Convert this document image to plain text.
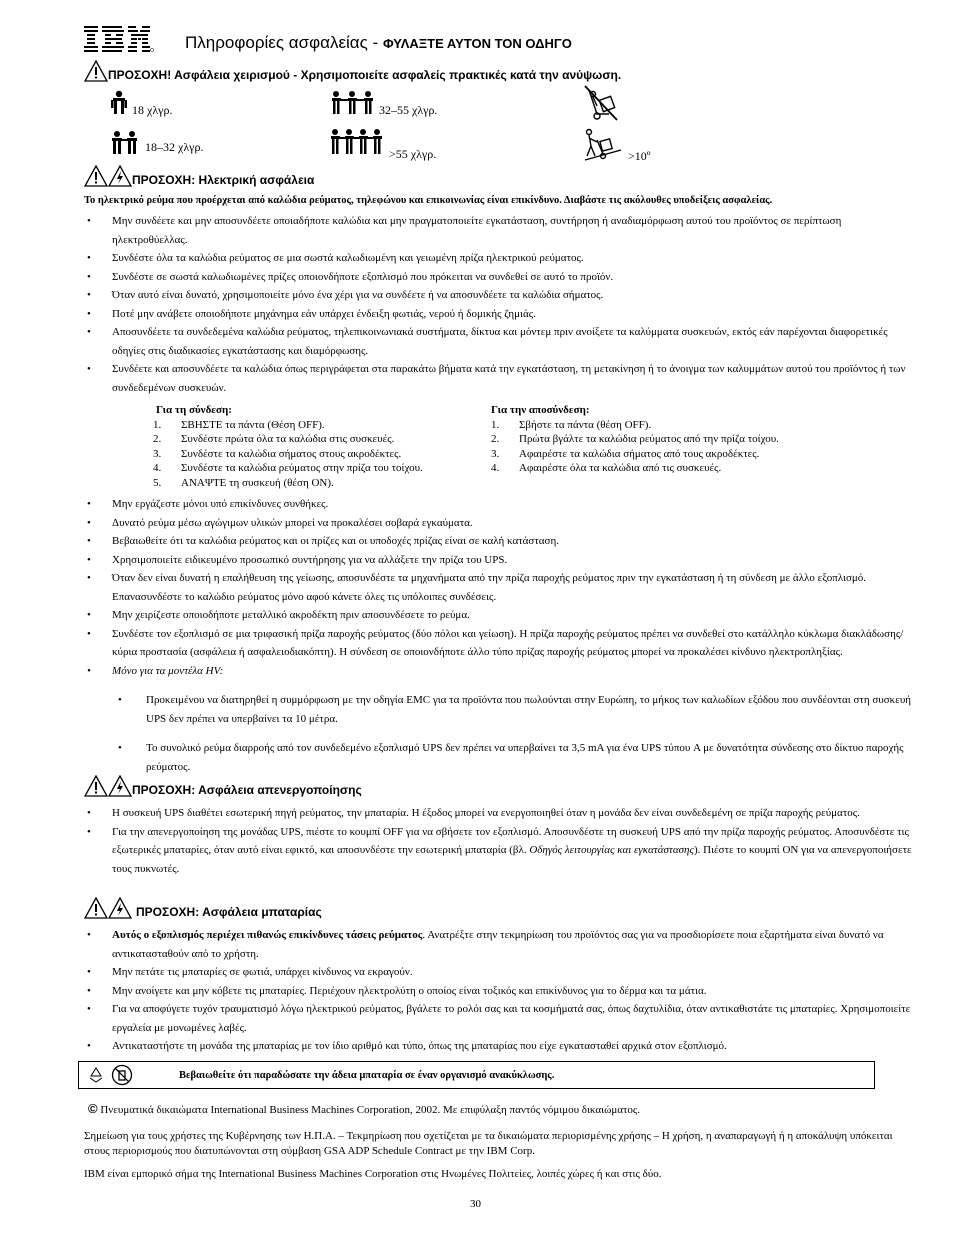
Πληροφορίες ασφαλείας - ΦΥΛΑΞΤΕ ΑΥΤΟΝ ΤΟΝ ΟΔΗΓΟ
ΠΡΟΣΟΧΗ! Ασφάλεια χειρισμού - Χρησιμοποιείτε ασφαλείς πρακτικές κατά την ανύψωση.
18 χλγρ.
18–32 χλγρ.
32–55 χλγρ.
>55 χλγρ.	>10º
ΠΡΟΣΟΧΗ: Ηλεκτρική ασφάλεια
Το ηλεκτρικό ρεύμα που προέρχεται από καλώδια ρεύματος, τηλεφώνου και επικοινωνίας είναι επικίνδυνο. Διαβάστε τις ακόλουθες υποδείξεις ασφαλείας.

• Μην συνδέετε και μην αποσυνδέετε οποιαδήποτε καλώδια και μην πραγματοποιείτε εγκατάσταση, συντήρηση ή αναδιαμόρφωση αυτού του προϊόντος σε περίπτωση ηλεκτροθύελλας.

• Συνδέστε όλα τα καλώδια ρεύματος σε μια σωστά καλωδιωμένη και γειωμένη πρίζα ηλεκτρικού ρεύματος.

• Συνδέστε σε σωστά καλωδιωμένες πρίζες οποιονδήποτε εξοπλισμό που πρόκειται να συνδεθεί σε αυτό το προϊόν.

• Όταν αυτό είναι δυνατό, χρησιμοποιείτε μόνο ένα χέρι για να συνδέετε ή να αποσυνδέετε τα καλώδια σήματος.

• Ποτέ μην ανάβετε οποιοδήποτε μηχάνημα εάν υπάρχει ένδειξη φωτιάς, νερού ή δομικής ζημιάς.

• Αποσυνδέετε τα συνδεδεμένα καλώδια ρεύματος, τηλεπικοινωνιακά συστήματα, δίκτυα και μόντεμ πριν ανοίξετε τα καλύμματα συσκευών, εκτός εάν παρέχονται διαφορετικές οδηγίες στις διαδικασίες εγκατάστασης και διαμόρφωσης.

• Συνδέετε και αποσυνδέετε τα καλώδια όπως περιγράφεται στα παρακάτω βήματα κατά την εγκατάσταση, τη μετακίνηση ή το άνοιγμα των καλυμμάτων αυτού του προϊόντος ή των συνδεδεμένων συσκευών.

Για τη σύνδεση:
1.	ΣΒΗΣΤΕ τα πάντα (Θέση OFF).
2.	Συνδέστε πρώτα όλα τα καλώδια στις συσκευές.
3.	Συνδέστε τα καλώδια σήματος στους ακροδέκτες.
4.	Συνδέστε τα καλώδια ρεύματος στην πρίζα του τοίχου.
5.	ΑΝΑΨΤΕ τη συσκευή (θέση ON).
Για την αποσύνδεση:
1.	Σβήστε τα πάντα (θέση OFF).
2.	Πρώτα βγάλτε τα καλώδια ρεύματος από την πρίζα τοίχου.
3.	Αφαιρέστε τα καλώδια σήματος από τους ακροδέκτες.
4.	Αφαιρέστε όλα τα καλώδια από τις συσκευές.

• Μην εργάζεστε μόνοι υπό επικίνδυνες συνθήκες.

• Δυνατό ρεύμα μέσω αγώγιμων υλικών μπορεί να προκαλέσει σοβαρά εγκαύματα.

• Βεβαιωθείτε ότι τα καλώδια ρεύματος και οι πρίζες και οι υποδοχές πρίζας είναι σε καλή κατάσταση.

• Χρησιμοποιείτε ειδικευμένο προσωπικό συντήρησης για να αλλάξετε την πρίζα του UPS.

• Όταν δεν είναι δυνατή η επαλήθευση της γείωσης, αποσυνδέστε τα μηχανήματα από την πρίζα παροχής ρεύματος πριν την εγκατάσταση ή τη σύνδεση με άλλο εξοπλισμό. Επανασυνδέστε το καλώδιο ρεύματος μόνο αφού κάνετε όλες τις υπόλοιπες συνδέσεις.

• Μην χειρίζεστε οποιοδήποτε μεταλλικό ακροδέκτη πριν αποσυνδέσετε το ρεύμα.

• Συνδέστε τον εξοπλισμό σε μια τριφασική πρίζα παροχής ρεύματος (δύο πόλοι και γείωση). Η πρίζα παροχής ρεύματος πρέπει να συνδεθεί στο κατάλληλο κύκλωμα διακλάδωσης/κύρια προστασία (ασφάλεια ή ασφαλειοδιακόπτη). Η σύνδεση σε οποιονδήποτε άλλο τύπο πρίζας παροχής ρεύματος μπορεί να προκαλέσει κίνδυνο ηλεκτροπληξίας.

• Μόνο για τα μοντέλα HV:

• Προκειμένου να διατηρηθεί η συμμόρφωση με την οδηγία EMC για τα προϊόντα που πωλούνται στην Ευρώπη, το μήκος των καλωδίων εξόδου που συνδέονται στη συσκευή UPS δεν πρέπει να υπερβαίνει τα 10 μέτρα.

• Το συνολικό ρεύμα διαρροής από τον συνδεδεμένο εξοπλισμό UPS δεν πρέπει να υπερβαίνει τα 3,5 mA για ένα UPS τύπου A με δυνατότητα σύνδεσης στο δίκτυο παροχής ρεύματος.

ΠΡΟΣΟΧΗ: Ασφάλεια απενεργοποίησης

• Η συσκευή UPS διαθέτει εσωτερική πηγή ρεύματος, την μπαταρία. Η έξοδος μπορεί να ενεργοποιηθεί όταν η μονάδα δεν είναι συνδεδεμένη σε πρίζα παροχής ρεύματος.

• Για την απενεργοποίηση της μονάδας UPS, πιέστε το κουμπί OFF για να σβήσετε τον εξοπλισμό. Αποσυνδέστε τη συσκευή UPS από την πρίζα παροχής ρεύματος. Αποσυνδέστε τις εξωτερικές μπαταρίες, όταν αυτό είναι εφικτό, και αποσυνδέστε την εσωτερική μπαταρία (βλ. Οδηγός λειτουργίας και εγκατάστασης). Πιέστε το κουμπί ON για να απενεργοποιήσετε τους πυκνωτές.

ΠΡΟΣΟΧΗ: Ασφάλεια μπαταρίας

• Αυτός ο εξοπλισμός περιέχει πιθανώς επικίνδυνες τάσεις ρεύματος. Ανατρέξτε στην τεκμηρίωση του προϊόντος σας για να προσδιορίσετε ποια εξαρτήματα είναι δυνατό να αντικατασταθούν από το χρήστη.

• Μην πετάτε τις μπαταρίες σε φωτιά, υπάρχει κίνδυνος να εκραγούν.

• Μην ανοίγετε και μην κόβετε τις μπαταρίες. Περιέχουν ηλεκτρολύτη ο οποίος είναι τοξικός και επικίνδυνος για το δέρμα και τα μάτια.

• Για να αποφύγετε τυχόν τραυματισμό λόγω ηλεκτρικού ρεύματος, βγάλετε το ρολόι σας και τα κοσμήματά σας, όπως δαχτυλίδια, όταν αντικαθιστάτε τις μπαταρίες. Χρησιμοποιείτε εργαλεία με μονωμένες λαβές.

• Αντικαταστήστε τη μονάδα της μπαταρίας με τον ίδιο αριθμό και τύπο, όπως της μπαταρίας που είχε εγκατασταθεί αρχικά στον εξοπλισμό.

Βεβαιωθείτε ότι παραδώσατε την άδεια μπαταρία σε έναν οργανισμό ανακύκλωσης.

© Πνευματικά δικαιώματα International Business Machines Corporation, 2002. Με επιφύλαξη παντός νόμιμου δικαιώματος.

Σημείωση για τους χρήστες της Κυβέρνησης των Η.Π.Α. – Τεκμηρίωση που σχετίζεται με τα δικαιώματα περιορισμένης χρήσης – Η χρήση, η αναπαραγωγή ή η αποκάλυψη υπόκειται στους περιορισμούς που διατυπώνονται στη σύμβαση GSA ADP Schedule Contract με την IBM Corp.

IBM είναι εμπορικό σήμα της International Business Machines Corporation στις Ηνωμένες Πολιτείες, λοιπές χώρες ή και στις δύο.

30
